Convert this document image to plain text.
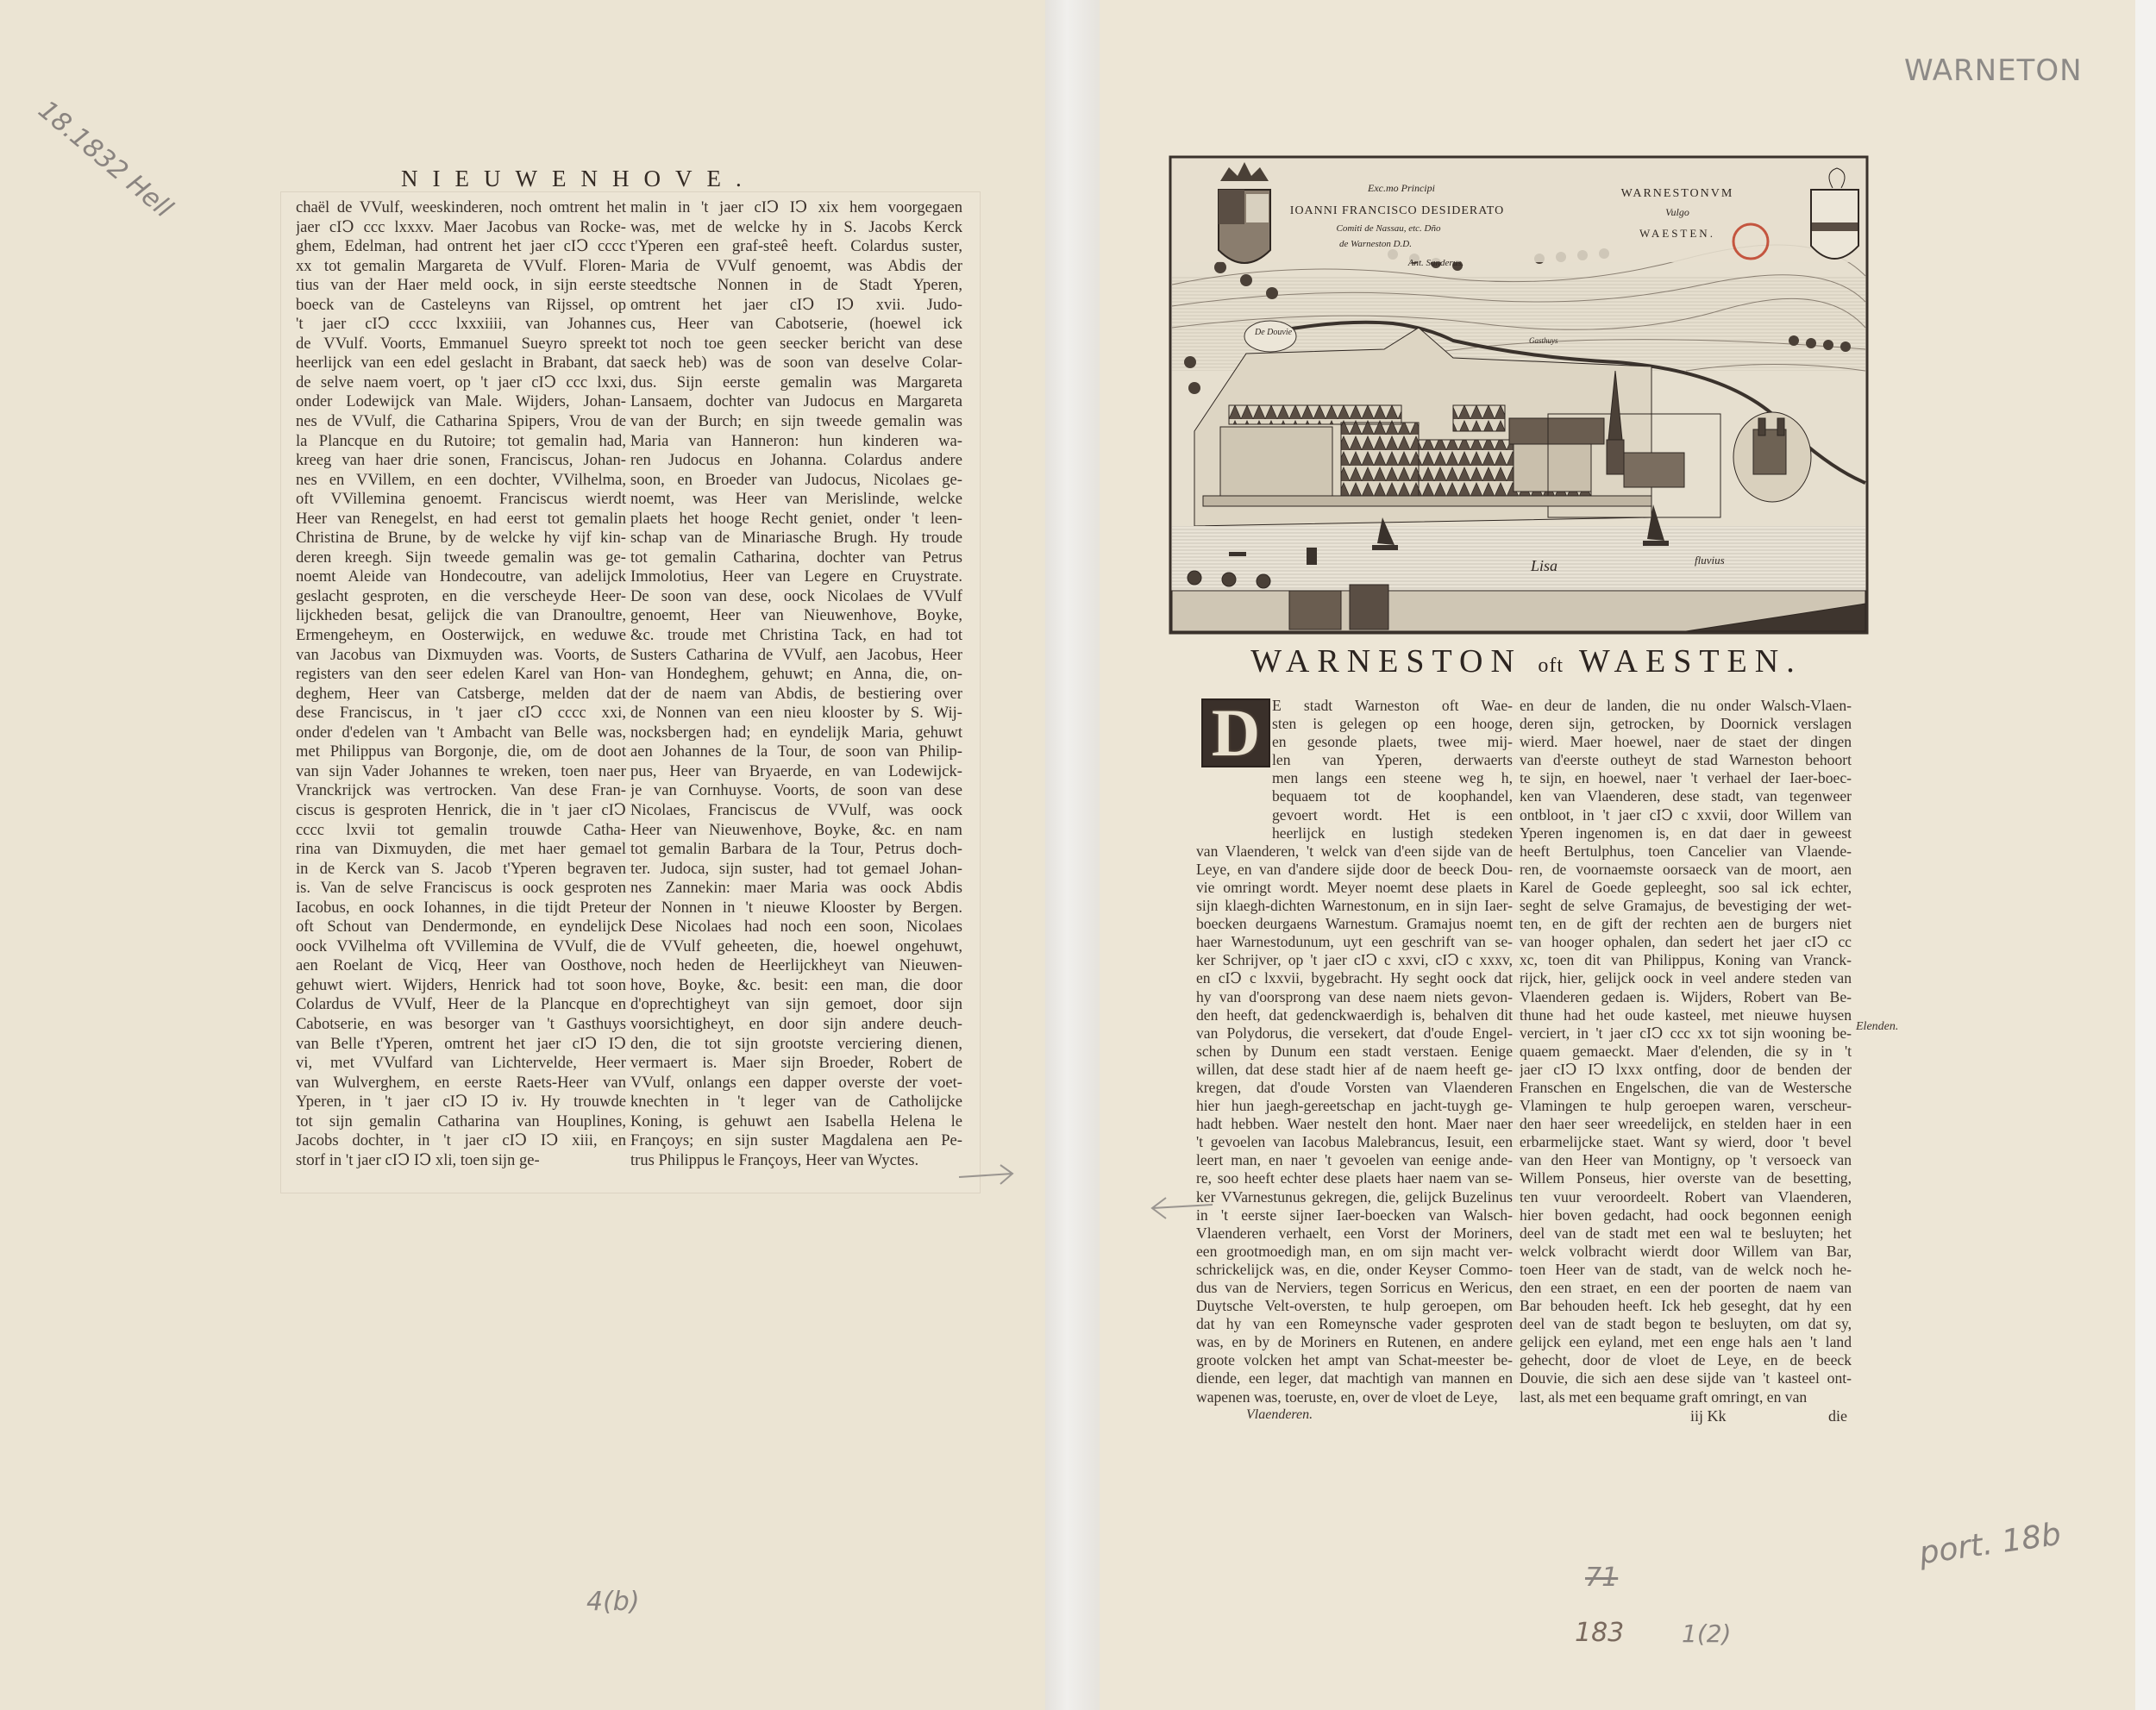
18.1832 Hell
WARNETON
4(b)
71
183 1(2)
port. 18b
NIEUWENHOVE.
chaël de VVulf, weeskinderen, noch omtrent het
jaer cIↃ ccc lxxxv. Maer Jacobus van Rocke-
ghem, Edelman, had ontrent het jaer cIↃ cccc
xx tot gemalin Margareta de VVulf. Floren-
tius van der Haer meld oock, in sijn eerste
boeck van de Casteleyns van Rijssel, op
't jaer cIↃ cccc lxxxiiii, van Johannes
de VVulf. Voorts, Emmanuel Sueyro spreekt
heerlijck van een edel geslacht in Brabant, dat
de selve naem voert, op 't jaer cIↃ ccc lxxi,
onder Lodewijck van Male. Wijders, Johan-
nes de VVulf, die Catharina Spipers, Vrou de
la Plancque en du Rutoire; tot gemalin had,
kreeg van haer drie sonen, Franciscus, Johan-
nes en VVillem, en een dochter, VVilhelma,
oft VVillemina genoemt. Franciscus wierdt
Heer van Renegelst, en had eerst tot gemalin
Christina de Brune, by de welcke hy vijf kin-
deren kreegh. Sijn tweede gemalin was ge-
noemt Aleide van Hondecoutre, van adelijck
geslacht gesproten, en die verscheyde Heer-
lijckheden besat, gelijck die van Dranoultre,
Ermengeheym, en Oosterwijck, en weduwe
van Jacobus van Dixmuyden was. Voorts, de
registers van den seer edelen Karel van Hon-
deghem, Heer van Catsberge, melden dat
dese Franciscus, in 't jaer cIↃ cccc xxi,
onder d'edelen van 't Ambacht van Belle was,
met Philippus van Borgonje, die, om de doot
van sijn Vader Johannes te wreken, toen naer
Vranckrijck was vertrocken. Van dese Fran-
ciscus is gesproten Henrick, die in 't jaer cIↃ
cccc lxvii tot gemalin trouwde Catha-
rina van Dixmuyden, die met haer gemael
in de Kerck van S. Jacob t'Yperen begraven
is. Van de selve Franciscus is oock gesproten
Iacobus, en oock Iohannes, in die tijdt Preteur
oft Schout van Dendermonde, en eyndelijck
oock VVilhelma oft VVillemina de VVulf, die
aen Roelant de Vicq, Heer van Oosthove,
gehuwt wiert. Wijders, Henrick had tot soon
Colardus de VVulf, Heer de la Plancque en
Cabotserie, en was besorger van 't Gasthuys
van Belle t'Yperen, omtrent het jaer cIↃ IↃ
vi, met VVulfard van Lichtervelde, Heer
van Wulverghem, en eerste Raets-Heer van
Yperen, in 't jaer cIↃ IↃ iv. Hy trouwde
tot sijn gemalin Catharina van Houplines,
Jacobs dochter, in 't jaer cIↃ IↃ xiii, en
storf in 't jaer cIↃ IↃ xli, toen sijn ge-
malin in 't jaer cIↃ IↃ xix hem voorgegaen
was, met de welcke hy in S. Jacobs Kerck
t'Yperen een graf-steê heeft. Colardus suster,
Maria de VVulf genoemt, was Abdis der
steedtsche Nonnen in de Stadt Yperen,
omtrent het jaer cIↃ IↃ xvii. Judo-
cus, Heer van Cabotserie, (hoewel ick
tot noch toe geen seecker bericht van dese
saeck heb) was de soon van deselve Colar-
dus. Sijn eerste gemalin was Margareta
Lansaem, dochter van Judocus en Margareta
van der Burch; en sijn tweede gemalin was
Maria van Hanneron: hun kinderen wa-
ren Judocus en Johanna. Colardus andere
soon, en Broeder van Judocus, Nicolaes ge-
noemt, was Heer van Merislinde, welcke
plaets het hooge Recht geniet, onder 't leen-
schap van de Minariasche Brugh. Hy troude
tot gemalin Catharina, dochter van Petrus
Immolotius, Heer van Legere en Cruystrate.
De soon van dese, oock Nicolaes de VVulf
genoemt, Heer van Nieuwenhove, Boyke,
&c. troude met Christina Tack, en had tot
Susters Catharina de VVulf, aen Jacobus, Heer
van Hondeghem, gehuwt; en Anna, die, on-
der de naem van Abdis, de bestiering over
de Nonnen van een nieu klooster by S. Wij-
nocksbergen had; en eyndelijk Maria, gehuwt
aen Johannes de la Tour, de soon van Philip-
pus, Heer van Bryaerde, en van Lodewijck-
je van Cornhuyse. Voorts, de soon van dese
Nicolaes, Franciscus de VVulf, was oock
Heer van Nieuwenhove, Boyke, &c. en nam
tot gemalin Barbara de la Tour, Petrus doch-
ter. Judoca, sijn suster, had tot gemael Johan-
nes Zannekin: maer Maria was oock Abdis
der Nonnen in 't nieuwe Klooster by Bergen.
Dese Nicolaes had noch een soon, Nicolaes
de VVulf geheeten, die, hoewel ongehuwt,
noch heden de Heerlijckheyt van Nieuwen-
hove, Boyke, &c. besit: een man, die door
d'oprechtigheyt van sijn gemoet, door sijn
voorsichtigheyt, en door sijn andere deuch-
den, die tot sijn grootste verciering dienen,
vermaert is. Maer sijn Broeder, Robert de
VVulf, onlangs een dapper overste der voet-
knechten in 't leger van de Catholijcke
Koning, is gehuwt aen Isabella Helena le
Françoys; en sijn suster Magdalena aen Pe-
trus Philippus le Françoys, Heer van Wyctes.
De Douvie
Gasthuys
Lisa	fluvius
Exc.mo Principi
IOANNI FRANCISCO DESIDERATO
Comiti de Nassau, etc. Dño
de Warneston D.D.
Ant. Sanderus.
WARNESTONVM
Vulgo
WAESTEN.
WARNESTON oft WAESTEN.
D E stadt Warneston oft Wae-
sten is gelegen op een hooge,
en gesonde plaets, twee mij-
len van Yperen, derwaerts
men langs een steene weg h,
bequaem tot de koophandel,
gevoert wordt. Het is een
heerlijck en lustigh stedeken
van Vlaenderen, 't welck van d'een sijde van de
Leye, en van d'andere sijde door de beeck Dou-
vie omringt wordt. Meyer noemt dese plaets in
sijn klaegh-dichten Warnestonum, en in sijn Iaer-
boecken deurgaens Warnestum. Gramajus noemt
haer Warnestodunum, uyt een geschrift van se-
ker Schrijver, op 't jaer cIↃ c xxvi, cIↃ c xxxv,
en cIↃ c lxxvii, bygebracht. Hy seght oock dat
hy van d'oorsprong van dese naem niets gevon-
den heeft, dat gedenckwaerdigh is, behalven dit
van Polydorus, die versekert, dat d'oude Engel-
schen by Dunum een stadt verstaen. Eenige
willen, dat dese stadt hier af de naem heeft ge-
kregen, dat d'oude Vorsten van Vlaenderen
hier hun jaegh-gereetschap en jacht-tuygh ge-
hadt hebben. Waer nestelt den hont. Maer naer
't gevoelen van Iacobus Malebrancus, Iesuit, een
leert man, en naer 't gevoelen van eenige ande-
re, soo heeft echter dese plaets haer naem van se-
ker VVarnestunus gekregen, die, gelijck Buzelinus
in 't eerste sijner Iaer-boecken van Walsch-
Vlaenderen verhaelt, een Vorst der Moriners,
een grootmoedigh man, en om sijn macht ver-
schrickelijck was, en die, onder Keyser Commo-
dus van de Nerviers, tegen Sorricus en Wericus,
Duytsche Velt-oversten, te hulp geroepen, om
dat hy van een Romeynsche vader gesproten
was, en by de Moriners en Rutenen, en andere
groote volcken het ampt van Schat-meester be-
diende, een leger, dat machtigh van mannen en
wapenen was, toeruste, en, over de vloet de Leye,
en deur de landen, die nu onder Walsch-Vlaen-
deren sijn, getrocken, by Doornick verslagen
wierd. Maer hoewel, naer de staet der dingen
van d'eerste outheyt de stad Warneston behoort
te sijn, en hoewel, naer 't verhael der Iaer-boec-
ken van Vlaenderen, dese stadt, van tegenweer
ontbloot, in 't jaer cIↃ c xxvii, door Willem van
Yperen ingenomen is, en dat daer in geweest
heeft Bertulphus, toen Cancelier van Vlaende-
ren, de voornaemste oorsaeck van de moort, aen
Karel de Goede gepleeght, soo sal ick echter,
seght de selve Gramajus, de bevestiging der wet-
ten, en de gift der rechten aen de burgers niet
van hooger ophalen, dan sedert het jaer cIↃ cc
xc, toen dit van Philippus, Koning van Vranck-
rijck, hier, gelijck oock in veel andere steden van
Vlaenderen gedaen is. Wijders, Robert van Be-
thune had het oude kasteel, met nieuwe huysen
verciert, in 't jaer cIↃ ccc xx tot sijn wooning be-
quaem gemaeckt. Maer d'elenden, die sy in 't
jaer cIↃ IↃ lxxx ontfing, door de benden der
Franschen en Engelschen, die van de Westersche
Vlamingen te hulp geroepen waren, verscheur-
den haer seer wreedelijck, en stelden haer in een
erbarmelijcke staet. Want sy wierd, door 't bevel
van den Heer van Montigny, op 't versoeck van
Willem Ponseus, hier overste van de besetting,
ten vuur veroordeelt. Robert van Vlaenderen,
hier boven gedacht, had oock begonnen eenigh
deel van de stadt met een wal te besluyten; het
welck volbracht wierdt door Willem van Bar,
toen Heer van de stadt, van de welck noch he-
den een straet, en een der poorten de naem van
Bar behouden heeft. Ick heb geseght, dat hy een
deel van de stadt begon te besluyten, om dat sy,
gelijck een eyland, met een enge hals aen 't land
gehecht, door de vloet de Leye, en de beeck
Douvie, die sich aen dese sijde van 't kasteel ont-
last, als met een bequame graft omringt, en van
Elenden.
Vlaenderen.	iij Kk	die
